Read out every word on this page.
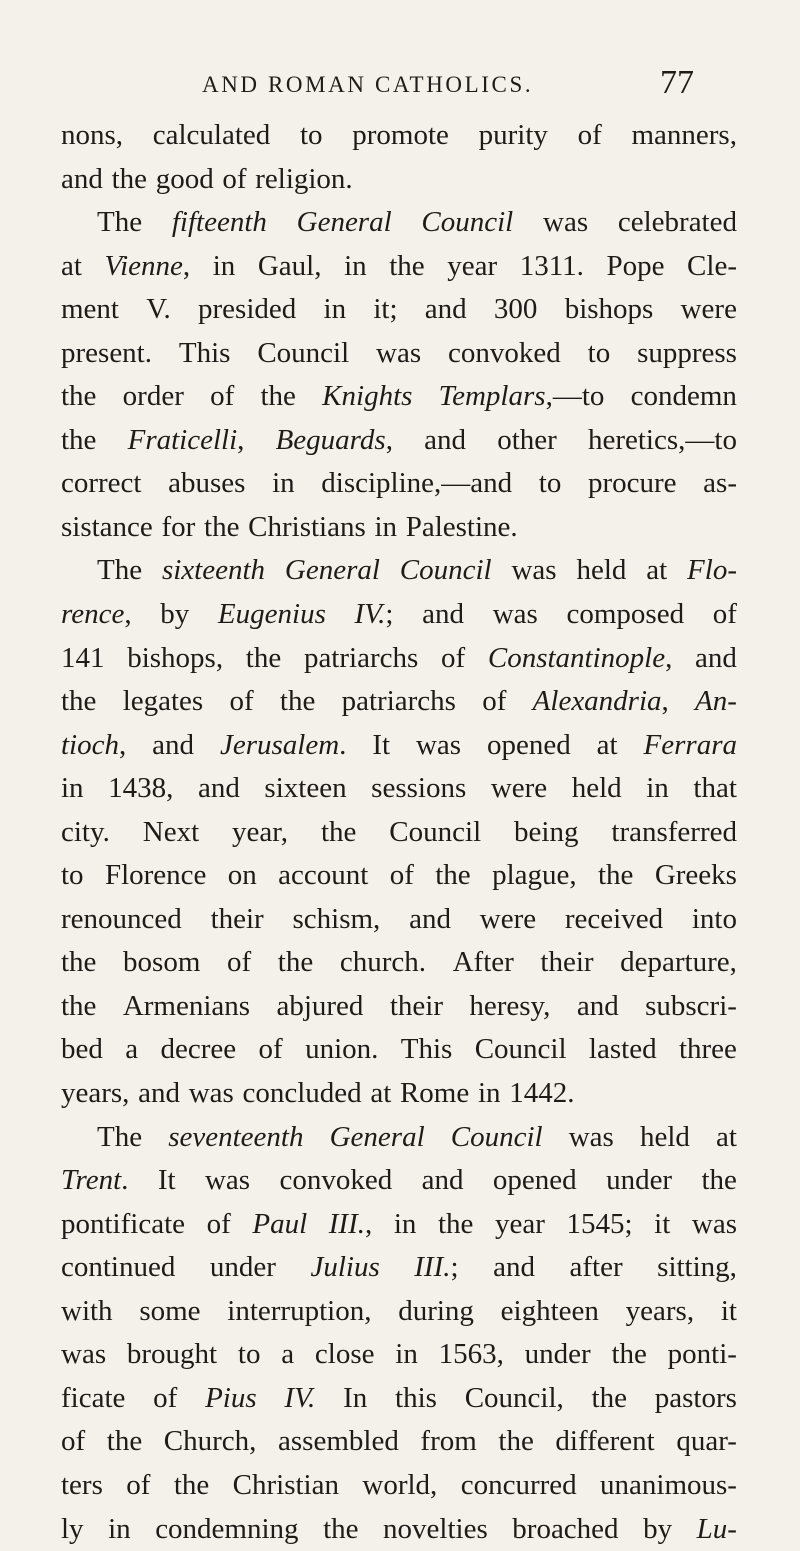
AND ROMAN CATHOLICS.	77
nons, calculated to promote purity of manners,
and the good of religion.
The fifteenth General Council was celebrated
at Vienne, in Gaul, in the year 1311. Pope Cle-
ment V. presided in it; and 300 bishops were
present. This Council was convoked to suppress
the order of the Knights Templars,—to condemn
the Fraticelli, Beguards, and other heretics,—to
correct abuses in discipline,—and to procure as-
sistance for the Christians in Palestine.
The sixteenth General Council was held at Flo-
rence, by Eugenius IV.; and was composed of
141 bishops, the patriarchs of Constantinople, and
the legates of the patriarchs of Alexandria, An-
tioch, and Jerusalem. It was opened at Ferrara
in 1438, and sixteen sessions were held in that
city. Next year, the Council being transferred
to Florence on account of the plague, the Greeks
renounced their schism, and were received into
the bosom of the church. After their departure,
the Armenians abjured their heresy, and subscri-
bed a decree of union. This Council lasted three
years, and was concluded at Rome in 1442.
The seventeenth General Council was held at
Trent. It was convoked and opened under the
pontificate of Paul III., in the year 1545; it was
continued under Julius III.; and after sitting,
with some interruption, during eighteen years, it
was brought to a close in 1563, under the ponti-
ficate of Pius IV. In this Council, the pastors
of the Church, assembled from the different quar-
ters of the Christian world, concurred unanimous-
ly in condemning the novelties broached by Lu-
